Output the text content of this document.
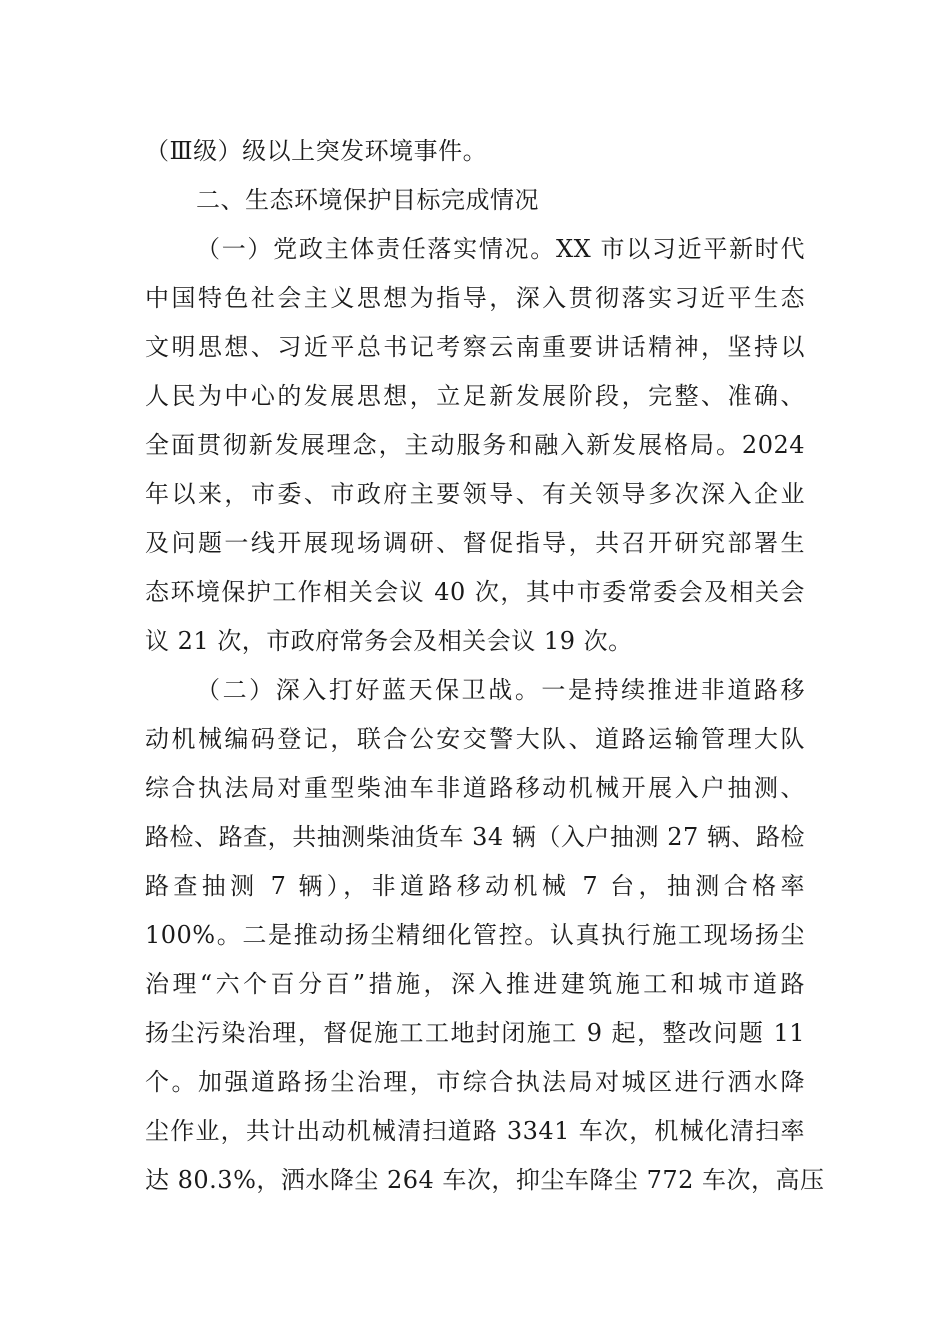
（Ⅲ级）级以上突发环境事件。
二、生态环境保护目标完成情况
（一）党政主体责任落实情况。XX 市以习近平新时代
中国特色社会主义思想为指导，深入贯彻落实习近平生态
文明思想、习近平总书记考察云南重要讲话精神，坚持以
人民为中心的发展思想，立足新发展阶段，完整、准确、
全面贯彻新发展理念，主动服务和融入新发展格局。2024
年以来，市委、市政府主要领导、有关领导多次深入企业
及问题一线开展现场调研、督促指导，共召开研究部署生
态环境保护工作相关会议 40 次，其中市委常委会及相关会
议 21 次，市政府常务会及相关会议 19 次。
（二）深入打好蓝天保卫战。一是持续推进非道路移
动机械编码登记，联合公安交警大队、道路运输管理大队
综合执法局对重型柴油车非道路移动机械开展入户抽测、
路检、路查，共抽测柴油货车 34 辆（入户抽测 27 辆、路检
路查抽测 7 辆），非道路移动机械 7 台，抽测合格率
100%。二是推动扬尘精细化管控。认真执行施工现场扬尘
治理“六个百分百”措施，深入推进建筑施工和城市道路
扬尘污染治理，督促施工工地封闭施工 9 起，整改问题 11
个。加强道路扬尘治理，市综合执法局对城区进行洒水降
尘作业，共计出动机械清扫道路 3341 车次，机械化清扫率
达 80.3%，洒水降尘 264 车次，抑尘车降尘 772 车次，高压
